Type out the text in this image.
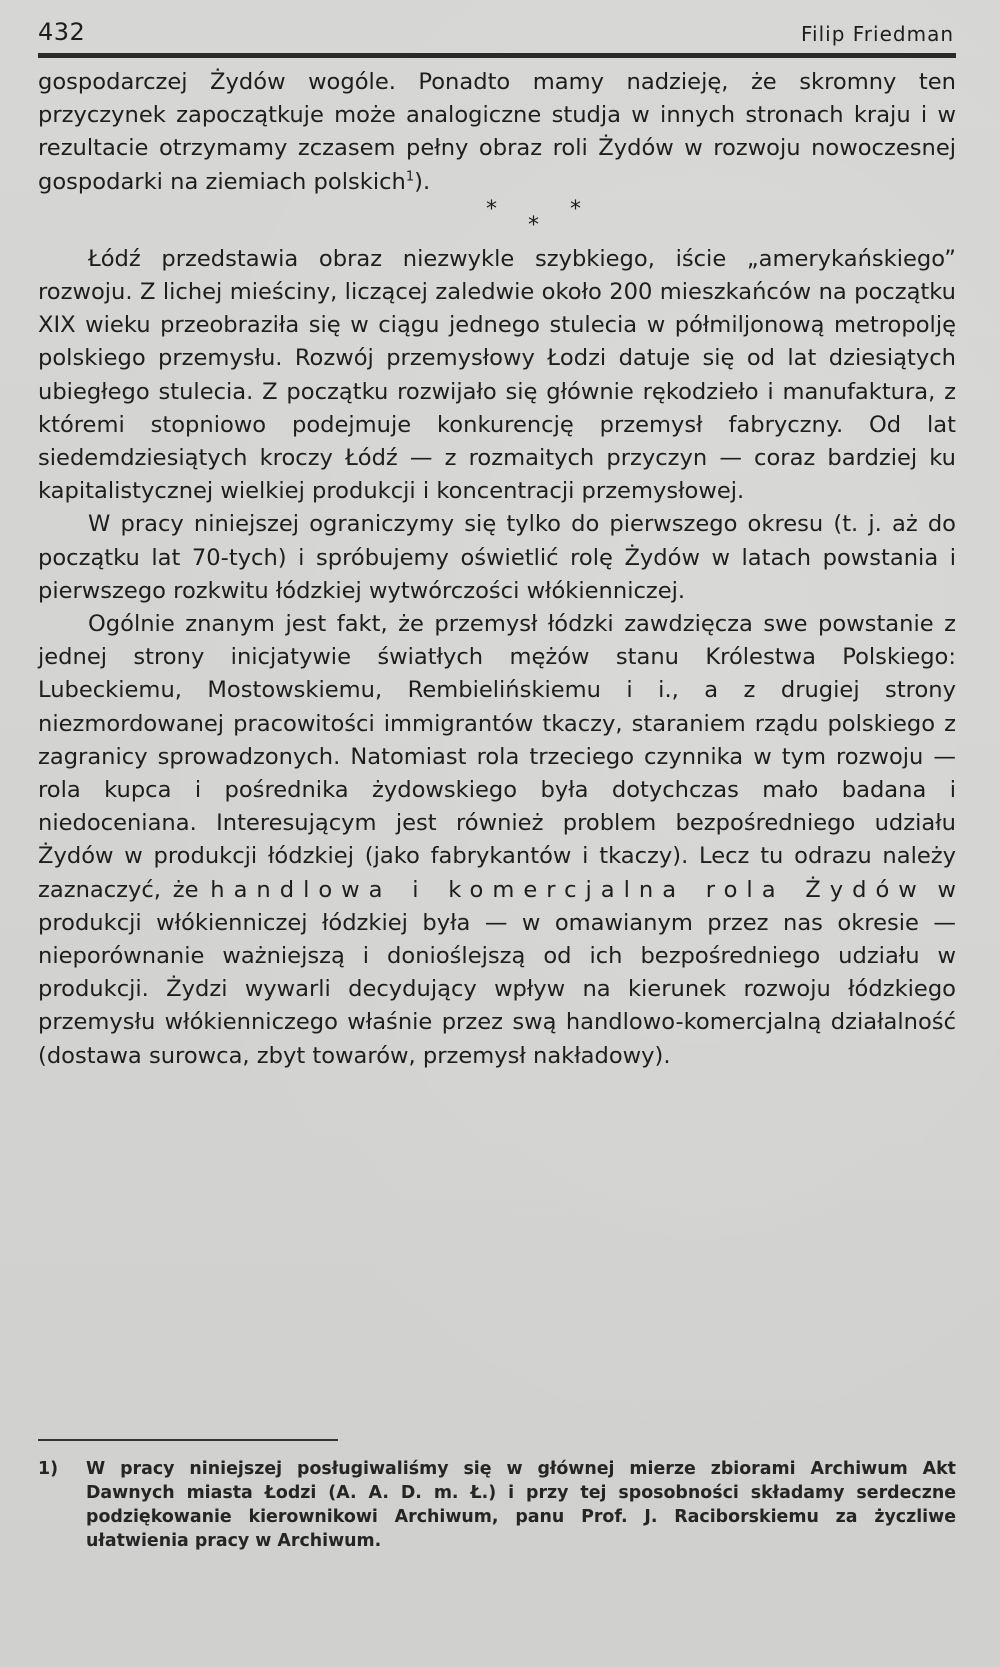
432	Filip Friedman

gospodarczej Żydów wogóle. Ponadto mamy nadzieję, że skromny ten przyczynek zapoczątkuje może analogiczne studja w innych stronach kraju i w rezultacie otrzymamy zczasem pełny obraz roli Żydów w rozwoju nowoczesnej gospodarki na ziemiach polskich$^1$).

*	*
*

Łódź przedstawia obraz niezwykle szybkiego, iście „amerykańskiego” rozwoju. Z lichej mieściny, liczącej zaledwie około 200 mieszkańców na początku XIX wieku przeobraziła się w ciągu jednego stulecia w półmiljonową metropolję polskiego przemysłu. Rozwój przemysłowy Łodzi datuje się od lat dziesiątych ubiegłego stulecia. Z początku rozwijało się głównie rękodzieło i manufaktura, z któremi stopniowo podejmuje konkurencję przemysł fabryczny. Od lat siedemdziesiątych kroczy Łódź — z rozmaitych przyczyn — coraz bardziej ku kapitalistycznej wielkiej produkcji i koncentracji przemysłowej.

W pracy niniejszej ograniczymy się tylko do pierwszego okresu (t. j. aż do początku lat 70-tych) i spróbujemy oświetlić rolę Żydów w latach powstania i pierwszego rozkwitu łódzkiej wytwórczości włókienniczej.

Ogólnie znanym jest fakt, że przemysł łódzki zawdzięcza swe powstanie z jednej strony inicjatywie światłych mężów stanu Królestwa Polskiego: Lubeckiemu, Mostowskiemu, Rembielińskiemu i i., a z drugiej strony niezmordowanej pracowitości immigrantów tkaczy, staraniem rządu polskiego z zagranicy sprowadzonych. Natomiast rola trzeciego czynnika w tym rozwoju — rola kupca i pośrednika żydowskiego była dotychczas mało badana i niedoceniana. Interesującym jest również problem bezpośredniego udziału Żydów w produkcji łódzkiej (jako fabrykantów i tkaczy). Lecz tu odrazu należy zaznaczyć, że handlowa i komercjalna rola Żydów w produkcji włókienniczej łódzkiej była — w omawianym przez nas okresie — nieporównanie ważniejszą i donioślejszą od ich bezpośredniego udziału w produkcji. Żydzi wywarli decydujący wpływ na kierunek rozwoju łódzkiego przemysłu włókienniczego właśnie przez swą handlowo-komercjalną działalność (dostawa surowca, zbyt towarów, przemysł nakładowy).

1) W pracy niniejszej posługiwaliśmy się w głównej mierze zbiorami Archiwum Akt Dawnych miasta Łodzi (A. A. D. m. Ł.) i przy tej sposobności składamy serdeczne podziękowanie kierownikowi Archiwum, panu Prof. J. Raciborskiemu za życzliwe ułatwienia pracy w Archiwum.
